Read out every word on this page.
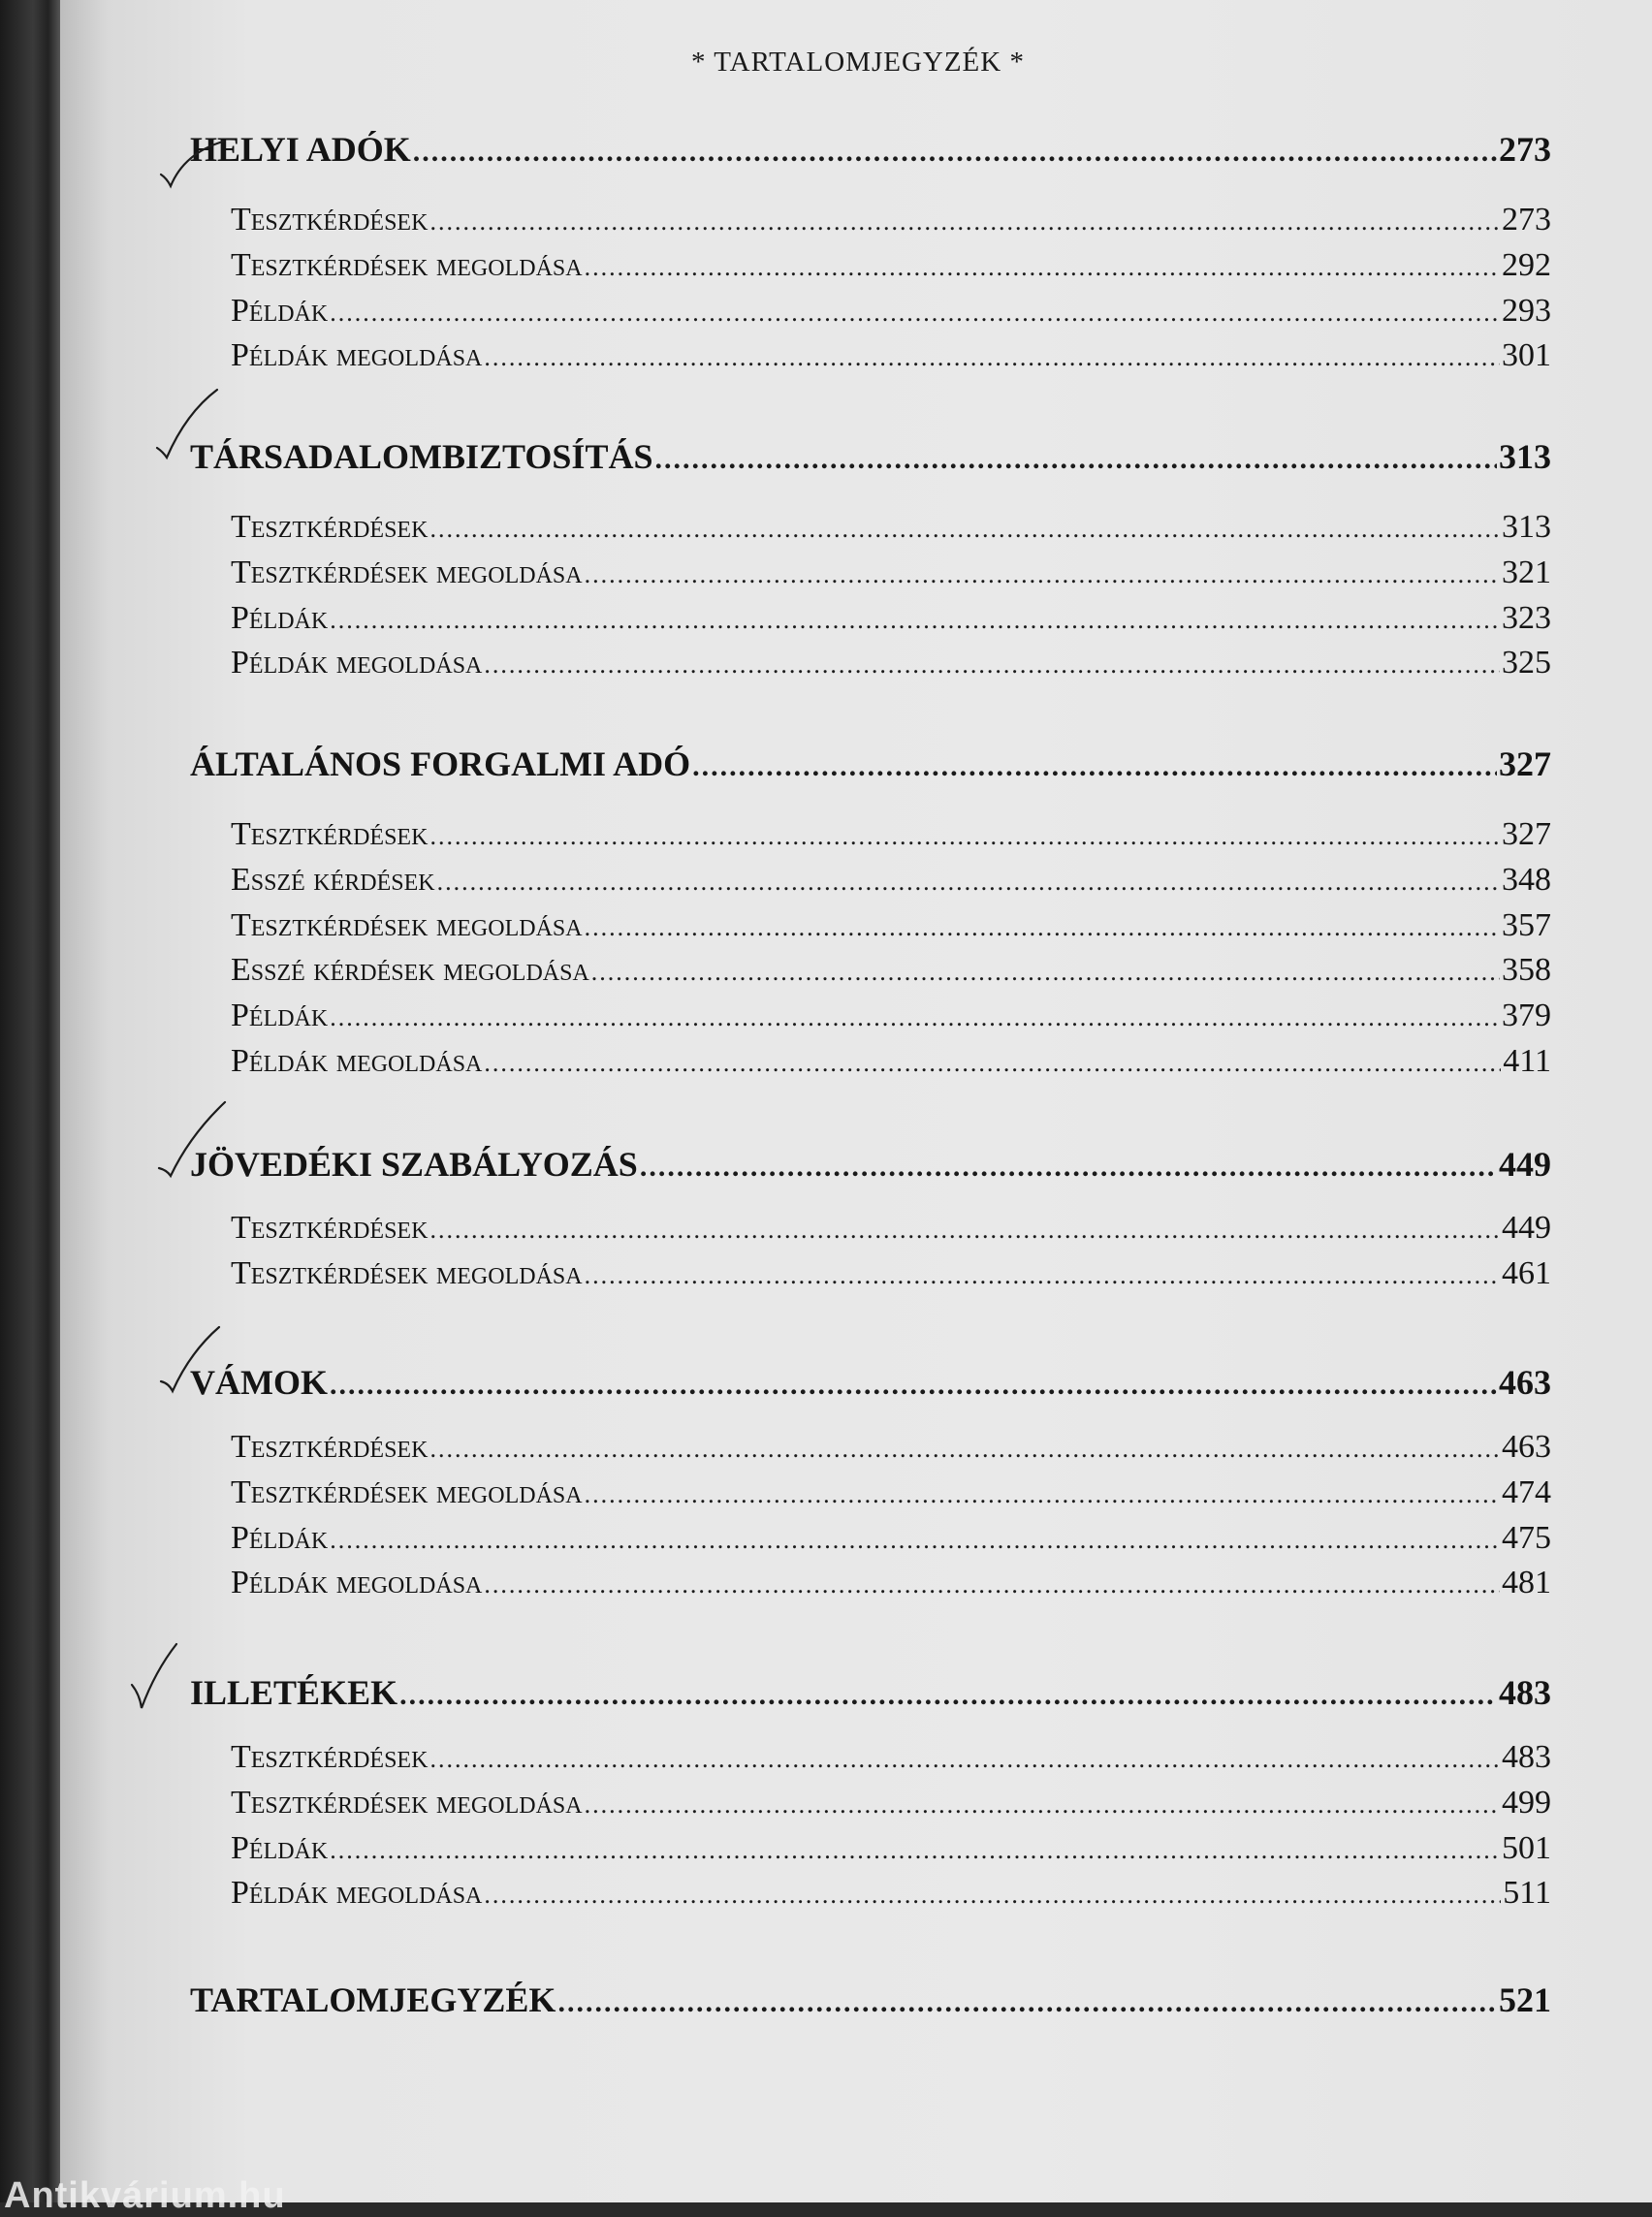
* TARTALOMJEGYZÉK *
HELYI ADÓK .....	273
Tesztkérdések .....	273
Tesztkérdések megoldása .....	292
Példák .....	293
Példák megoldása .....	301
TÁRSADALOMBIZTOSÍTÁS .....	313
Tesztkérdések .....	313
Tesztkérdések megoldása .....	321
Példák .....	323
Példák megoldása .....	325
ÁLTALÁNOS FORGALMI ADÓ .....	327
Tesztkérdések .....	327
Esszé kérdések .....	348
Tesztkérdések megoldása .....	357
Esszé kérdések megoldása .....	358
Példák .....	379
Példák megoldása .....	411
JÖVEDÉKI SZABÁLYOZÁS .....	449
Tesztkérdések .....	449
Tesztkérdések megoldása .....	461
VÁMOK .....	463
Tesztkérdések .....	463
Tesztkérdések megoldása .....	474
Példák .....	475
Példák megoldása .....	481
ILLETÉKEK .....	483
Tesztkérdések .....	483
Tesztkérdések megoldása .....	499
Példák .....	501
Példák megoldása .....	511
TARTALOMJEGYZÉK .....	521
Antikvárium.hu
